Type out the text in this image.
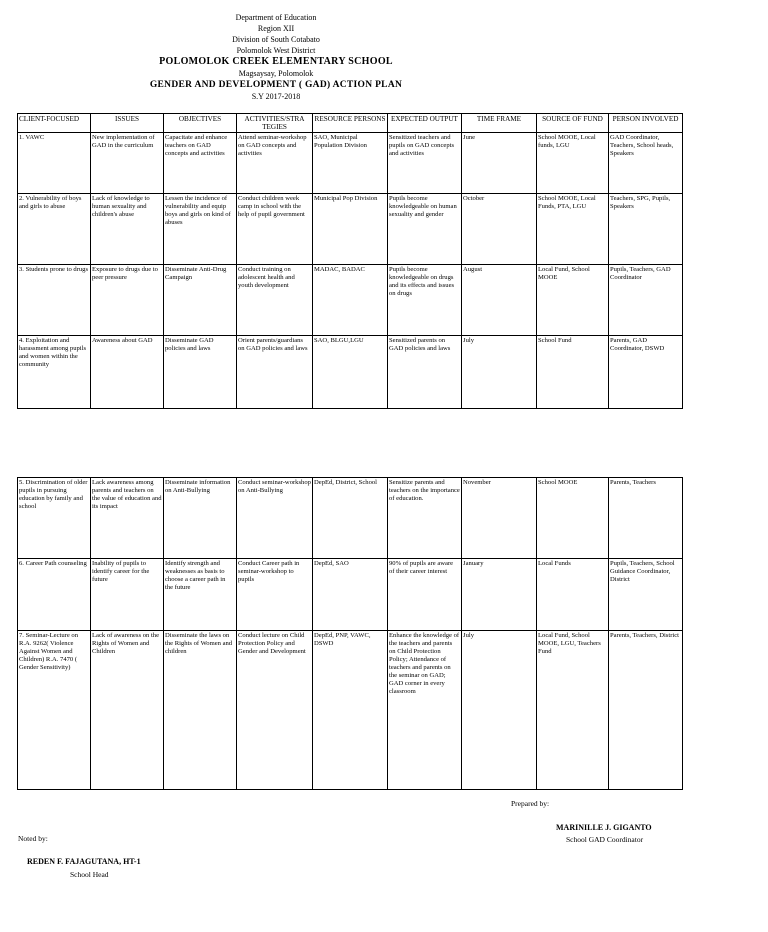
Department of Education
Region XII
Division of South Cotabato
Polomolok West District
POLOMOLOK CREEK ELEMENTARY SCHOOL
Magsaysay, Polomolok
GENDER AND DEVELOPMENT ( GAD) ACTION PLAN
S.Y 2017-2018
CLIENT-FOCUSED	ISSUES	OBJECTIVES	ACTIVITIES/STRA TEGIES	RESOURCE PERSONS	EXPECTED OUTPUT	TIME FRAME	SOURCE OF FUND	PERSON INVOLVED
1. VAWC	New implementation of GAD in the curriculum	Capacitate and enhance teachers on GAD concepts and activities	Attend seminar-workshop on GAD concepts and activities	SAO, Municipal Population Division	Sensitized teachers and pupils on GAD concepts and activities	June	School MOOE, Local funds, LGU	GAD Coordinator, Teachers, School heads, Speakers
2. Vulnerability of boys and girls to abuse	Lack of knowledge to human sexuality and children's abuse	Lessen the incidence of vulnerability and equip boys and girls on kind of abuses	Conduct children week camp in school with the help of pupil government	Municipal Pop Division	Pupils become knowledgeable on human sexuality and gender	October	School MOOE, Local Funds, PTA, LGU	Teachers, SPG, Pupils, Speakers
3. Students prone to drugs	Exposure to drugs due to peer pressure	Disseminate Anti-Drug Campaign	Conduct training on adolescent health and youth development	MADAC, BADAC	Pupils become knowledgeable on drugs and its effects and issues on drugs	August	Local Fund, School MOOE	Pupils, Teachers, GAD Coordinator
4. Exploitation and harassment among pupils and women within the community	Awareness about GAD	Disseminate GAD policies and laws	Orient parents/guardians on GAD policies and laws	SAO, BLGU,LGU	Sensitized parents on GAD policies and laws	July	School Fund	Parents, GAD Coordinator, DSWD
5. Discrimination of older pupils in pursuing education by family and school	Lack awareness among parents and teachers on the value of education and its impact	Disseminate information on Anti-Bullying	Conduct seminar-workshop on Anti-Bullying	DepEd, District, School	Sensitize parents and teachers on the importance of education.	November	School MOOE	Parents, Teachers
6. Career Path counseling	Inability of pupils to identify career for the future	Identify strength and weaknesses as basis to choose a career path in the future	Conduct Career path in seminar-workshop to pupils	DepEd, SAO	90% of pupils are aware of their career interest	January	Local Funds	Pupils, Teachers, School Guidance Coordinator, District
7. Seminar-Lecture on R.A. 9262( Violence Against Women and Children) R.A. 7470 ( Gender Sensitivity)	Lack of awareness on the Rights of Women and Children	Disseminate the laws on the Rights of Women and children	Conduct lecture on Child Protection Policy and Gender and Development	DepEd, PNP, VAWC, DSWD	Enhance the knowledge of the teachers and parents on Child Protection Policy; Attendance of teachers and parents on the seminar on GAD; GAD corner in every classroom	July	Local Fund, School MOOE, LGU, Teachers Fund	Parents, Teachers, District
Prepared by:
MARINILLE J. GIGANTO
School GAD Coordinator
Noted by:
REDEN F. FAJAGUTANA, HT-1
School Head
